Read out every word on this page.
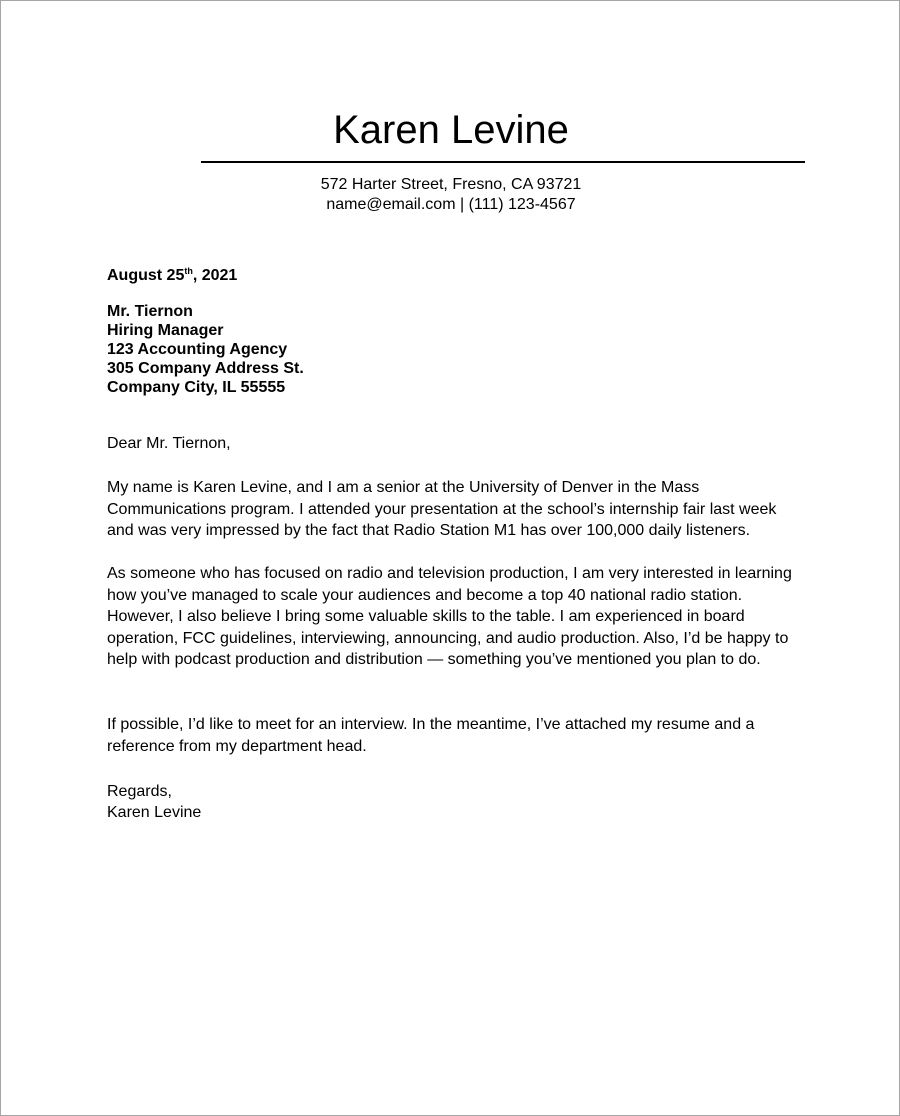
Karen Levine
572 Harter Street, Fresno, CA 93721
name@email.com | (111) 123-4567
August 25th, 2021
Mr. Tiernon
Hiring Manager
123 Accounting Agency
305 Company Address St.
Company City, IL 55555
Dear Mr. Tiernon,
My name is Karen Levine, and I am a senior at the University of Denver in the Mass Communications program. I attended your presentation at the school’s internship fair last week and was very impressed by the fact that Radio Station M1 has over 100,000 daily listeners.
As someone who has focused on radio and television production, I am very interested in learning how you’ve managed to scale your audiences and become a top 40 national radio station. However, I also believe I bring some valuable skills to the table. I am experienced in board operation, FCC guidelines, interviewing, announcing, and audio production. Also, I’d be happy to help with podcast production and distribution — something you’ve mentioned you plan to do.
If possible, I’d like to meet for an interview. In the meantime, I’ve attached my resume and a reference from my department head.
Regards,
Karen Levine
